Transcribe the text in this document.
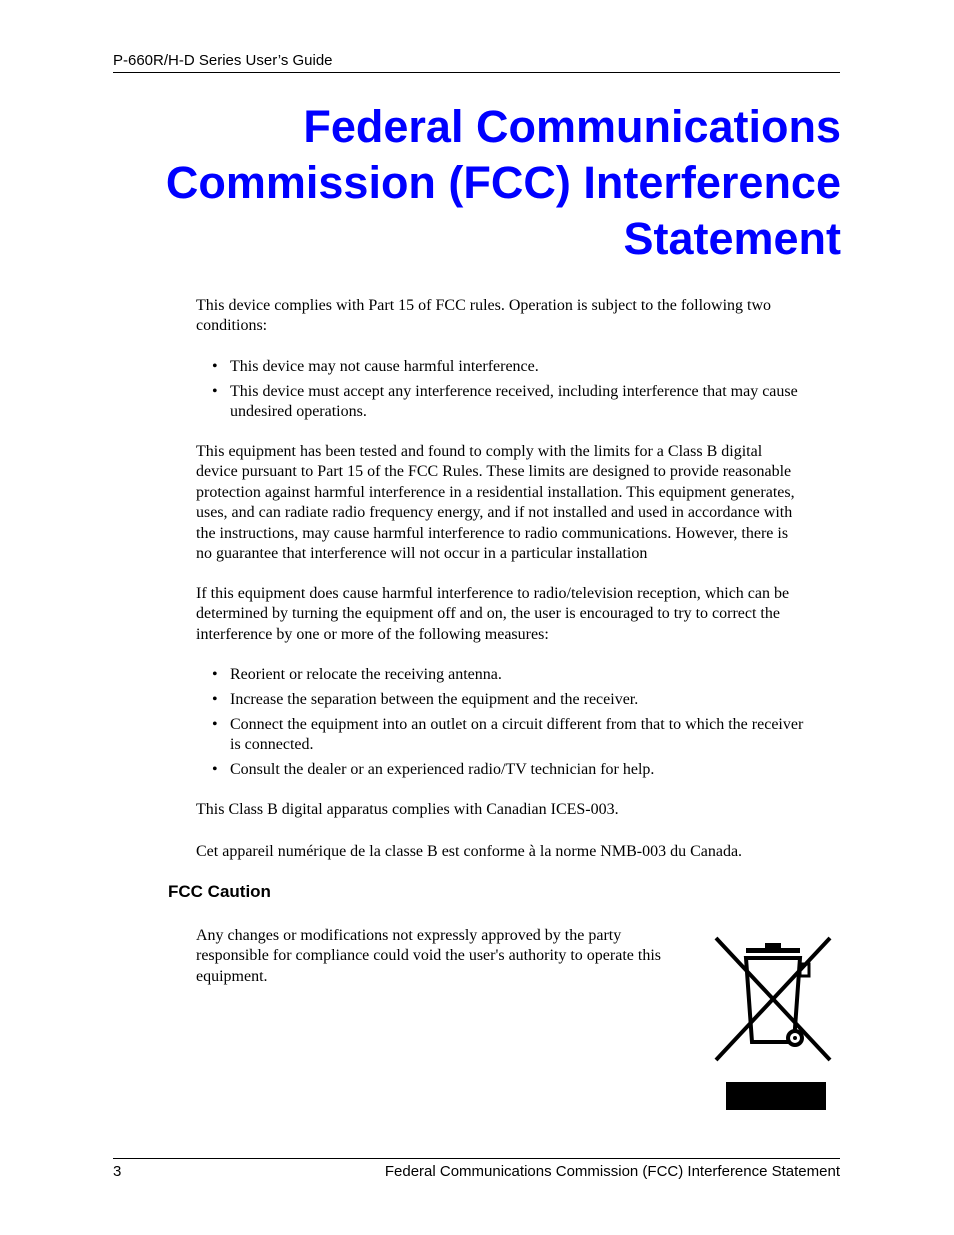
P-660R/H-D Series User’s Guide
Federal Communications
Commission (FCC) Interference
Statement
This device complies with Part 15 of FCC rules. Operation is subject to the following two
conditions:
• This device may not cause harmful interference.
• This device must accept any interference received, including interference that may cause
undesired operations.
This equipment has been tested and found to comply with the limits for a Class B digital
device pursuant to Part 15 of the FCC Rules. These limits are designed to provide reasonable
protection against harmful interference in a residential installation. This equipment generates,
uses, and can radiate radio frequency energy, and if not installed and used in accordance with
the instructions, may cause harmful interference to radio communications. However, there is
no guarantee that interference will not occur in a particular installation
If this equipment does cause harmful interference to radio/television reception, which can be
determined by turning the equipment off and on, the user is encouraged to try to correct the
interference by one or more of the following measures:
• Reorient or relocate the receiving antenna.
• Increase the separation between the equipment and the receiver.
• Connect the equipment into an outlet on a circuit different from that to which the receiver
is connected.
• Consult the dealer or an experienced radio/TV technician for help.
This Class B digital apparatus complies with Canadian ICES-003.
Cet appareil numérique de la classe B est conforme à la norme NMB-003 du Canada.
FCC Caution
Any changes or modifications not expressly approved by the party
responsible for compliance could void the user's authority to operate this
equipment.
3	Federal Communications Commission (FCC) Interference Statement
